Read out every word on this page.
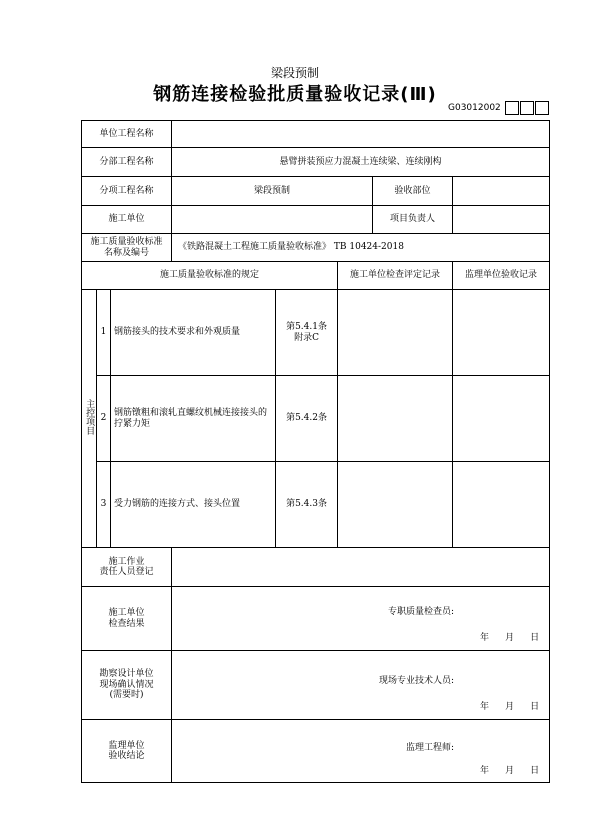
梁段预制
钢筋连接检验批质量验收记录(Ⅲ)
G03012002
单位工程名称							
分部工程名称			悬臂拼装预应力混凝土连续梁、连续刚构				
分项工程名称			梁段预制			验收部位	
施工单位						项目负责人	
施工质量验收标准
名称及编号			《铁路混凝土工程施工质量验收标准》 TB 10424-2018				
施工质量验收标准的规定					施工单位检查评定记录		监理单位验收记录
主控项目	1	钢筋接头的技术要求和外观质量		第5.4.1条
附录C			
	2	钢筋镦粗和滚轧直螺纹机械连接接头的拧紧力矩		第5.4.2条			
	3	受力钢筋的连接方式、接头位置		第5.4.3条			
施工作业
责任人员登记							
施工单位
检查结果			专职质量检查员:
年 月 日				

勘察设计单位
现场确认情况
(需要时)			现场专业技术人员:
年 月 日				

监理单位
验收结论			监理工程师:
年 月 日				
